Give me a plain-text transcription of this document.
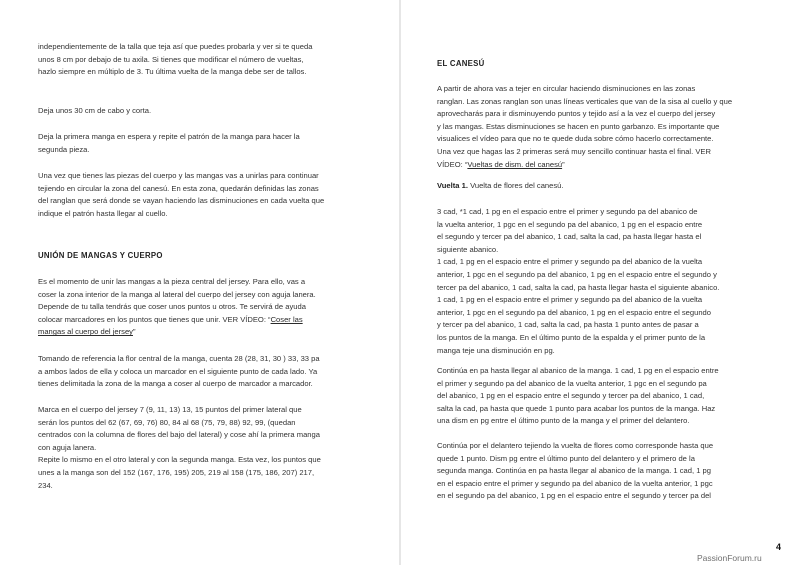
independientemente de la talla que teja así que puedes probarla y ver si te queda

unos 8 cm por debajo de tu axila. Si tienes que modificar el número de vueltas,

hazlo siempre en múltiplo de 3. Tu última vuelta de la manga debe ser de tallos.

Deja unos 30 cm de cabo y corta.

Deja la primera manga en espera y repite el patrón de la manga para hacer la

segunda pieza.

Una vez que tienes las piezas del cuerpo y las mangas vas a unirlas para continuar

tejiendo en circular la zona del canesú. En esta zona, quedarán definidas las zonas

del ranglan que será donde se vayan haciendo las disminuciones en cada vuelta que

indique el patrón hasta llegar al cuello.

UNIÓN DE MANGAS Y CUERPO

Es el momento de unir las mangas a la pieza central del jersey. Para ello, vas a

coser la zona interior de la manga al lateral del cuerpo del jersey con aguja lanera.

Depende de tu talla tendrás que coser unos puntos u otros. Te servirá de ayuda

colocar marcadores en los puntos que tienes que unir. VER VÍDEO: “Coser las

mangas al cuerpo del jersey”

Tomando de referencia la flor central de la manga, cuenta 28 (28, 31, 30 ) 33, 33 pa

a ambos lados de ella y coloca un marcador en el siguiente punto de cada lado. Ya

tienes delimitada la zona de la manga a coser al cuerpo de marcador a marcador.

Marca en el cuerpo del jersey 7 (9, 11, 13) 13, 15 puntos del primer lateral que

serán los puntos del 62 (67, 69, 76) 80, 84 al 68 (75, 79, 88) 92, 99, (quedan

centrados con la columna de flores del bajo del lateral) y cose ahí la primera manga

con aguja lanera.

Repite lo mismo en el otro lateral y con la segunda manga. Esta vez, los puntos que

unes a la manga son del 152 (167, 176, 195) 205, 219 al 158 (175, 186, 207) 217,

234.

EL CANESÚ

A partir de ahora vas a tejer en circular haciendo disminuciones en las zonas

ranglan. Las zonas ranglan son unas líneas verticales que van de la sisa al cuello y que

aprovecharás para ir disminuyendo puntos y tejido así a la vez el cuerpo del jersey

y las mangas. Estas disminuciones se hacen en punto garbanzo. Es importante que

visualices el vídeo para que no te quede duda sobre cómo hacerlo correctamente.

Una vez que hagas las 2 primeras será muy sencillo continuar hasta el final. VER

VÍDEO: “Vueltas de dism. del canesú”

Vuelta 1. Vuelta de flores del canesú.

3 cad, *1 cad, 1 pg en el espacio entre el primer y segundo pa del abanico de

la vuelta anterior, 1 pgc en el segundo pa del abanico, 1 pg en el espacio entre

el segundo y tercer pa del abanico, 1 cad, salta la cad, pa hasta llegar hasta el

siguiente abanico.

1 cad, 1 pg en el espacio entre el primer y segundo pa del abanico de la vuelta

anterior, 1 pgc en el segundo pa del abanico, 1 pg en el espacio entre el segundo y

tercer pa del abanico, 1 cad, salta la cad, pa hasta llegar hasta el siguiente abanico.

1 cad, 1 pg en el espacio entre el primer y segundo pa del abanico de la vuelta

anterior, 1 pgc en el segundo pa del abanico, 1 pg en el espacio entre el segundo

y tercer pa del abanico, 1 cad, salta la cad, pa hasta 1 punto antes de pasar a

los puntos de la manga. En el último punto de la espalda y el primer punto de la

manga teje una disminución en pg.

Continúa en pa hasta llegar al abanico de la manga. 1 cad, 1 pg en el espacio entre

el primer y segundo pa del abanico de la vuelta anterior, 1 pgc en el segundo pa

del abanico, 1 pg en el espacio entre el segundo y tercer pa del abanico, 1 cad,

salta la cad, pa hasta que quede 1 punto para acabar los puntos de la manga. Haz

una dism en pg entre el último punto de la manga y el primer del delantero.

Continúa por el delantero tejiendo la vuelta de flores como corresponde hasta que

quede 1 punto. Dism pg entre el último punto del delantero y el primero de la

segunda manga. Continúa en pa hasta llegar al abanico de la manga. 1 cad, 1 pg

en el espacio entre el primer y segundo pa del abanico de la vuelta anterior, 1 pgc

en el segundo pa del abanico, 1 pg en el espacio entre el segundo y tercer pa del

4
PassionForum.ru
